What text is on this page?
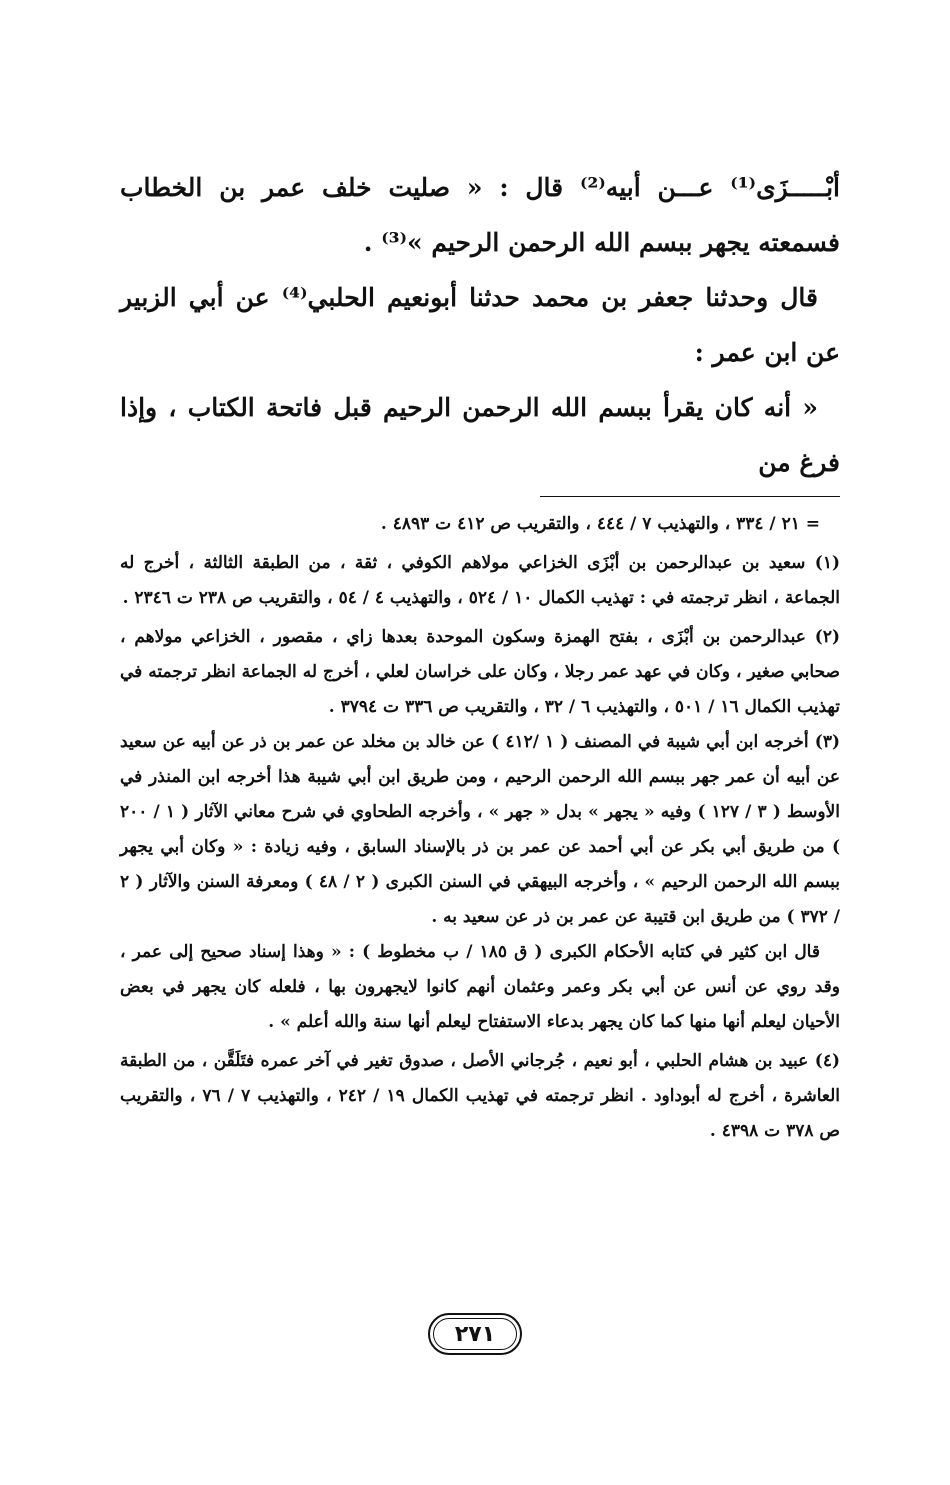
أبْـــــزَى⁽¹⁾ عـــن أبيه⁽²⁾ قال : « صليت خلف عمر بن الخطاب فسمعته يجهر ببسم الله الرحمن الرحيم »⁽³⁾ .

قال وحدثنا جعفر بن محمد حدثنا أبونعيم الحلبي⁽⁴⁾ عن أبي الزبير عن ابن عمر :

« أنه كان يقرأ ببسم الله الرحمن الرحيم قبل فاتحة الكتاب ، وإذا فرغ من

= ٢١ / ٣٣٤ ، والتهذيب ٧ / ٤٤٤ ، والتقريب ص ٤١٢ ت ٤٨٩٣ .

(١) سعيد بن عبدالرحمن بن أبْزَى الخزاعي مولاهم الكوفي ، ثقة ، من الطبقة الثالثة ، أخرج له الجماعة ، انظر ترجمته في : تهذيب الكمال ١٠ / ٥٢٤ ، والتهذيب ٤ / ٥٤ ، والتقريب ص ٢٣٨ ت ٢٣٤٦ .

(٢) عبدالرحمن بن أبْزَى ، بفتح الهمزة وسكون الموحدة بعدها زاي ، مقصور ، الخزاعي مولاهم ، صحابي صغير ، وكان في عهد عمر رجلا ، وكان على خراسان لعلي ، أخرج له الجماعة انظر ترجمته في تهذيب الكمال ١٦ / ٥٠١ ، والتهذيب ٦ / ٣٢ ، والتقريب ص ٣٣٦ ت ٣٧٩٤ .

(٣) أخرجه ابن أبي شيبة في المصنف ( ١ /٤١٢ ) عن خالد بن مخلد عن عمر بن ذر عن أبيه عن سعيد عن أبيه أن عمر جهر ببسم الله الرحمن الرحيم ، ومن طريق ابن أبي شيبة هذا أخرجه ابن المنذر في الأوسط ( ٣ / ١٢٧ ) وفيه « يجهر » بدل « جهر » ، وأخرجه الطحاوي في شرح معاني الآثار ( ١ / ٢٠٠ ) من طريق أبي بكر عن أبي أحمد عن عمر بن ذر بالإسناد السابق ، وفيه زيادة : « وكان أبي يجهر ببسم الله الرحمن الرحيم » ، وأخرجه البيهقي في السنن الكبرى ( ٢ / ٤٨ ) ومعرفة السنن والآثار ( ٢ / ٣٧٢ ) من طريق ابن قتيبة عن عمر بن ذر عن سعيد به .

قال ابن كثير في كتابه الأحكام الكبرى ( ق ١٨٥ / ب مخطوط ) : « وهذا إسناد صحيح إلى عمر ، وقد روي عن أنس عن أبي بكر وعمر وعثمان أنهم كانوا لايجهرون بها ، فلعله كان يجهر في بعض الأحيان ليعلم أنها منها كما كان يجهر بدعاء الاستفتاح ليعلم أنها سنة والله أعلم » .

(٤) عبيد بن هشام الحلبي ، أبو نعيم ، جُرجاني الأصل ، صدوق تغير في آخر عمره فتَلَقَّن ، من الطبقة العاشرة ، أخرج له أبوداود . انظر ترجمته في تهذيب الكمال ١٩ / ٢٤٢ ، والتهذيب ٧ / ٧٦ ، والتقريب ص ٣٧٨ ت ٤٣٩٨ .

٢٧١
